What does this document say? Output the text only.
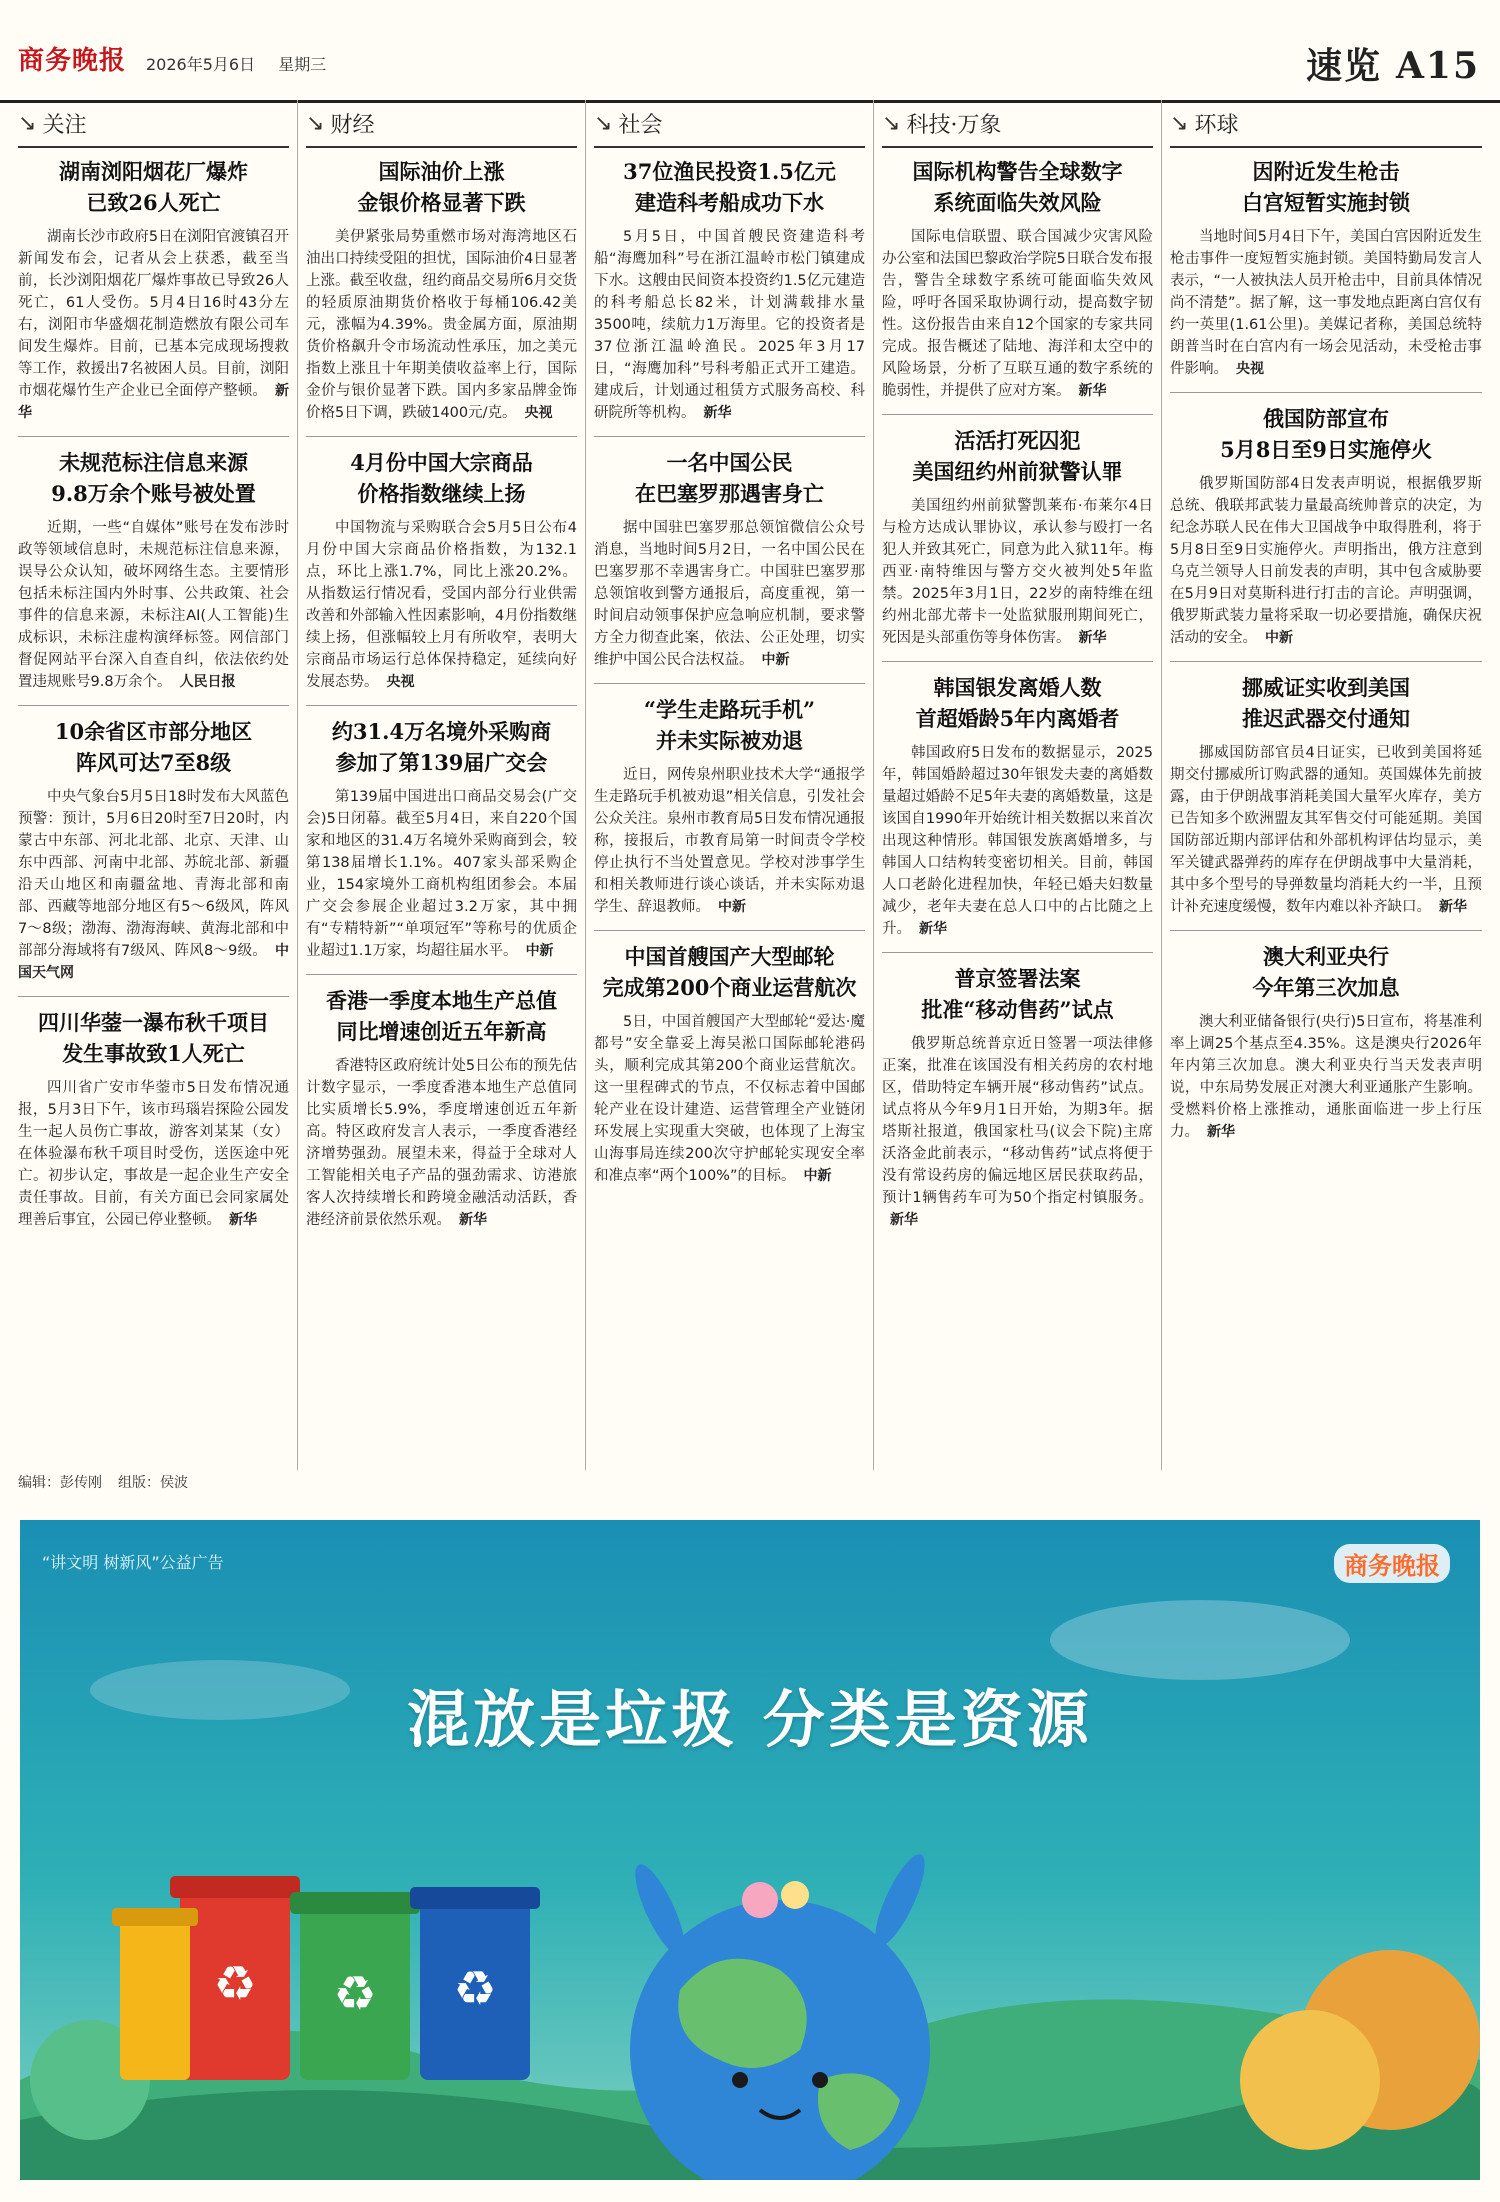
商务晚报 2026年5月6日 星期三	速览 A15
↘ 关注
湖南浏阳烟花厂爆炸
已致26人死亡

湖南长沙市政府5日在浏阳官渡镇召开新闻发布会，记者从会上获悉，截至当前，长沙浏阳烟花厂爆炸事故已导致26人死亡，61人受伤。5月4日16时43分左右，浏阳市华盛烟花制造燃放有限公司车间发生爆炸。目前，已基本完成现场搜救等工作，救援出7名被困人员。目前，浏阳市烟花爆竹生产企业已全面停产整顿。 新华

未规范标注信息来源
9.8万余个账号被处置

近期，一些“自媒体”账号在发布涉时政等领域信息时，未规范标注信息来源，误导公众认知，破坏网络生态。主要情形包括未标注国内外时事、公共政策、社会事件的信息来源，未标注AI(人工智能)生成标识，未标注虚构演绎标签。网信部门督促网站平台深入自查自纠，依法依约处置违规账号9.8万余个。 人民日报

10余省区市部分地区
阵风可达7至8级

中央气象台5月5日18时发布大风蓝色预警：预计，5月6日20时至7日20时，内蒙古中东部、河北北部、北京、天津、山东中西部、河南中北部、苏皖北部、新疆沿天山地区和南疆盆地、青海北部和南部、西藏等地部分地区有5～6级风，阵风7～8级；渤海、渤海海峡、黄海北部和中部部分海域将有7级风、阵风8～9级。 中国天气网

四川华蓥一瀑布秋千项目
发生事故致1人死亡

四川省广安市华蓥市5日发布情况通报，5月3日下午，该市玛瑙岩探险公园发生一起人员伤亡事故，游客刘某某（女）在体验瀑布秋千项目时受伤，送医途中死亡。初步认定，事故是一起企业生产安全责任事故。目前，有关方面已会同家属处理善后事宜，公园已停业整顿。 新华

↘ 财经
国际油价上涨
金银价格显著下跌

美伊紧张局势重燃市场对海湾地区石油出口持续受阻的担忧，国际油价4日显著上涨。截至收盘，纽约商品交易所6月交货的轻质原油期货价格收于每桶106.42美元，涨幅为4.39%。贵金属方面，原油期货价格飙升令市场流动性承压，加之美元指数上涨且十年期美债收益率上行，国际金价与银价显著下跌。国内多家品牌金饰价格5日下调，跌破1400元/克。 央视

4月份中国大宗商品
价格指数继续上扬

中国物流与采购联合会5月5日公布4月份中国大宗商品价格指数，为132.1点，环比上涨1.7%，同比上涨20.2%。从指数运行情况看，受国内部分行业供需改善和外部输入性因素影响，4月份指数继续上扬，但涨幅较上月有所收窄，表明大宗商品市场运行总体保持稳定，延续向好发展态势。 央视

约31.4万名境外采购商
参加了第139届广交会

第139届中国进出口商品交易会(广交会)5日闭幕。截至5月4日，来自220个国家和地区的31.4万名境外采购商到会，较第138届增长1.1%。407家头部采购企业，154家境外工商机构组团参会。本届广交会参展企业超过3.2万家，其中拥有“专精特新”“单项冠军”等称号的优质企业超过1.1万家，均超往届水平。 中新

香港一季度本地生产总值
同比增速创近五年新高

香港特区政府统计处5日公布的预先估计数字显示，一季度香港本地生产总值同比实质增长5.9%，季度增速创近五年新高。特区政府发言人表示，一季度香港经济增势强劲。展望未来，得益于全球对人工智能相关电子产品的强劲需求、访港旅客人次持续增长和跨境金融活动活跃，香港经济前景依然乐观。 新华

↘ 社会
37位渔民投资1.5亿元
建造科考船成功下水

5月5日，中国首艘民资建造科考船“海鹰加科”号在浙江温岭市松门镇建成下水。这艘由民间资本投资约1.5亿元建造的科考船总长82米，计划满载排水量3500吨，续航力1万海里。它的投资者是37位浙江温岭渔民。2025年3月17日，“海鹰加科”号科考船正式开工建造。建成后，计划通过租赁方式服务高校、科研院所等机构。 新华

一名中国公民
在巴塞罗那遇害身亡

据中国驻巴塞罗那总领馆微信公众号消息，当地时间5月2日，一名中国公民在巴塞罗那不幸遇害身亡。中国驻巴塞罗那总领馆收到警方通报后，高度重视，第一时间启动领事保护应急响应机制，要求警方全力彻查此案，依法、公正处理，切实维护中国公民合法权益。 中新

“学生走路玩手机”
并未实际被劝退

近日，网传泉州职业技术大学“通报学生走路玩手机被劝退”相关信息，引发社会公众关注。泉州市教育局5日发布情况通报称，接报后，市教育局第一时间责令学校停止执行不当处置意见。学校对涉事学生和相关教师进行谈心谈话，并未实际劝退学生、辞退教师。 中新

中国首艘国产大型邮轮
完成第200个商业运营航次

5日，中国首艘国产大型邮轮“爱达·魔都号”安全靠妥上海吴淞口国际邮轮港码头，顺利完成其第200个商业运营航次。这一里程碑式的节点，不仅标志着中国邮轮产业在设计建造、运营管理全产业链闭环发展上实现重大突破，也体现了上海宝山海事局连续200次守护邮轮实现安全率和准点率“两个100%”的目标。 中新

↘ 科技·万象
国际机构警告全球数字
系统面临失效风险

国际电信联盟、联合国减少灾害风险办公室和法国巴黎政治学院5日联合发布报告，警告全球数字系统可能面临失效风险，呼吁各国采取协调行动，提高数字韧性。这份报告由来自12个国家的专家共同完成。报告概述了陆地、海洋和太空中的风险场景，分析了互联互通的数字系统的脆弱性，并提供了应对方案。 新华

活活打死囚犯
美国纽约州前狱警认罪

美国纽约州前狱警凯莱布·布莱尔4日与检方达成认罪协议，承认参与殴打一名犯人并致其死亡，同意为此入狱11年。梅西亚·南特维因与警方交火被判处5年监禁。2025年3月1日，22岁的南特维在纽约州北部尤蒂卡一处监狱服刑期间死亡，死因是头部重伤等身体伤害。 新华

韩国银发离婚人数
首超婚龄5年内离婚者

韩国政府5日发布的数据显示，2025年，韩国婚龄超过30年银发夫妻的离婚数量超过婚龄不足5年夫妻的离婚数量，这是该国自1990年开始统计相关数据以来首次出现这种情形。韩国银发族离婚增多，与韩国人口结构转变密切相关。目前，韩国人口老龄化进程加快，年轻已婚夫妇数量减少，老年夫妻在总人口中的占比随之上升。 新华

普京签署法案
批准“移动售药”试点

俄罗斯总统普京近日签署一项法律修正案，批准在该国没有相关药房的农村地区，借助特定车辆开展“移动售药”试点。试点将从今年9月1日开始，为期3年。据塔斯社报道，俄国家杜马(议会下院)主席沃洛金此前表示，“移动售药”试点将便于没有常设药房的偏远地区居民获取药品，预计1辆售药车可为50个指定村镇服务。新华

↘ 环球
因附近发生枪击
白宫短暂实施封锁

当地时间5月4日下午，美国白宫因附近发生枪击事件一度短暂实施封锁。美国特勤局发言人表示，“一人被执法人员开枪击中，目前具体情况尚不清楚”。据了解，这一事发地点距离白宫仅有约一英里(1.61公里)。美媒记者称，美国总统特朗普当时在白宫内有一场会见活动，未受枪击事件影响。 央视

俄国防部宣布
5月8日至9日实施停火

俄罗斯国防部4日发表声明说，根据俄罗斯总统、俄联邦武装力量最高统帅普京的决定，为纪念苏联人民在伟大卫国战争中取得胜利，将于5月8日至9日实施停火。声明指出，俄方注意到乌克兰领导人日前发表的声明，其中包含威胁要在5月9日对莫斯科进行打击的言论。声明强调，俄罗斯武装力量将采取一切必要措施，确保庆祝活动的安全。 中新

挪威证实收到美国
推迟武器交付通知

挪威国防部官员4日证实，已收到美国将延期交付挪威所订购武器的通知。英国媒体先前披露，由于伊朗战事消耗美国大量军火库存，美方已告知多个欧洲盟友其军售交付可能延期。美国国防部近期内部评估和外部机构评估均显示，美军关键武器弹药的库存在伊朗战事中大量消耗，其中多个型号的导弹数量均消耗大约一半，且预计补充速度缓慢，数年内难以补齐缺口。 新华

澳大利亚央行
今年第三次加息

澳大利亚储备银行(央行)5日宣布，将基准利率上调25个基点至4.35%。这是澳央行2026年年内第三次加息。澳大利亚央行当天发表声明说，中东局势发展正对澳大利亚通胀产生影响。受燃料价格上涨推动，通胀面临进一步上行压力。 新华

编辑：彭传刚 组版：侯波
♻ ♻ ♻
“讲文明 树新风”公益广告	商务晚报
混放是垃圾 分类是资源
